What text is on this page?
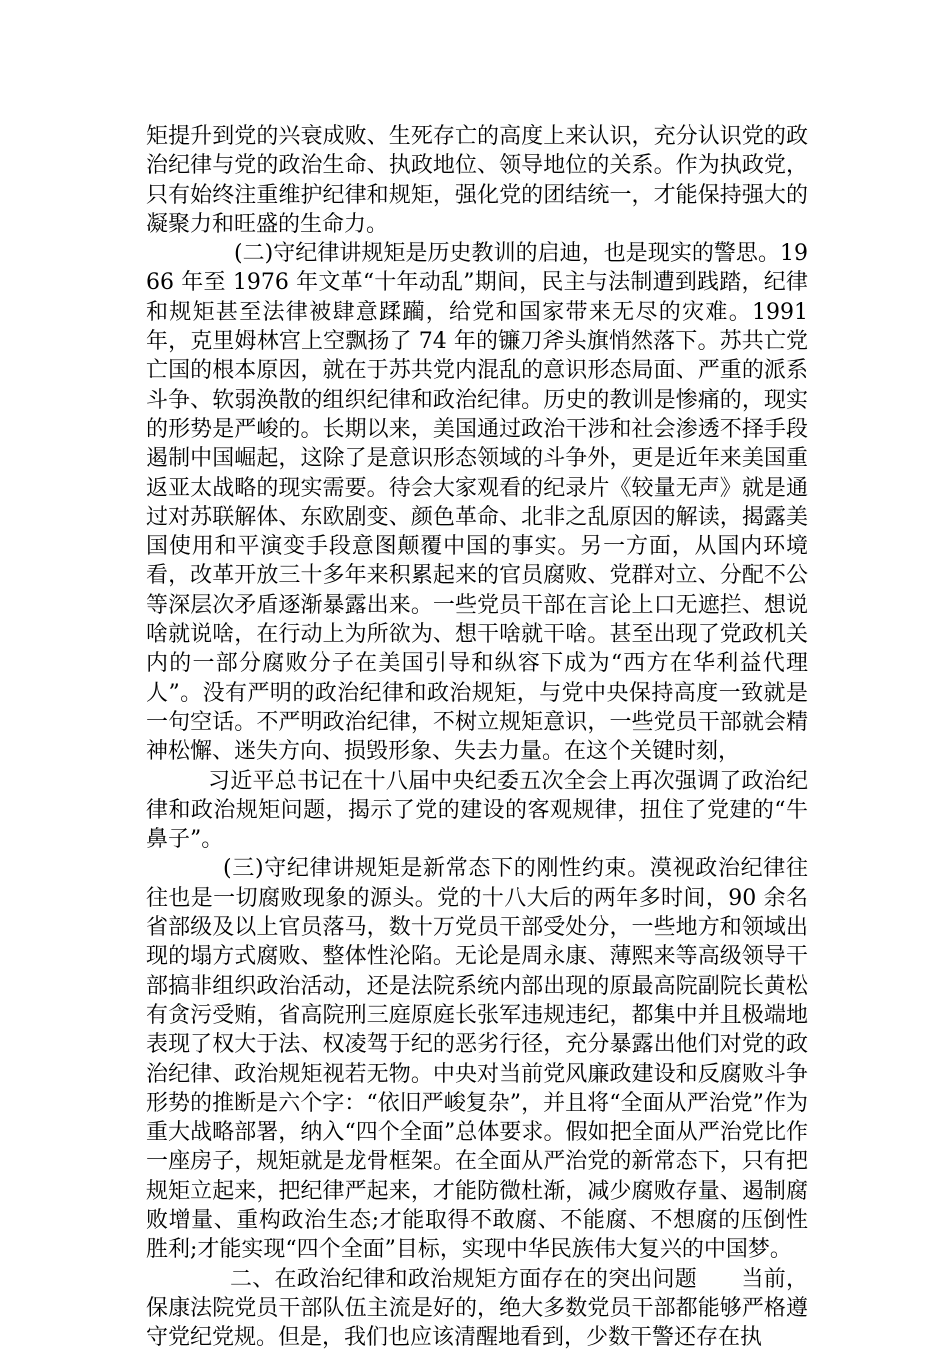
矩提升到党的兴衰成败、生死存亡的高度上来认识，充分认识党的政治纪律与党的政治生命、执政地位、领导地位的关系。作为执政党，只有始终注重维护纪律和规矩，强化党的团结统一，才能保持强大的凝聚力和旺盛的生命力。

(二)守纪律讲规矩是历史教训的启迪，也是现实的警思。1966 年至 1976 年文革“十年动乱”期间，民主与法制遭到践踏，纪律和规矩甚至法律被肆意蹂躏，给党和国家带来无尽的灾难。1991 年，克里姆林宫上空飘扬了 74 年的镰刀斧头旗悄然落下。苏共亡党亡国的根本原因，就在于苏共党内混乱的意识形态局面、严重的派系斗争、软弱涣散的组织纪律和政治纪律。历史的教训是惨痛的，现实的形势是严峻的。长期以来，美国通过政治干涉和社会渗透不择手段遏制中国崛起，这除了是意识形态领域的斗争外，更是近年来美国重返亚太战略的现实需要。待会大家观看的纪录片《较量无声》就是通过对苏联解体、东欧剧变、颜色革命、北非之乱原因的解读，揭露美国使用和平演变手段意图颠覆中国的事实。另一方面，从国内环境看，改革开放三十多年来积累起来的官员腐败、党群对立、分配不公等深层次矛盾逐渐暴露出来。一些党员干部在言论上口无遮拦、想说啥就说啥，在行动上为所欲为、想干啥就干啥。甚至出现了党政机关内的一部分腐败分子在美国引导和纵容下成为“西方在华利益代理人”。没有严明的政治纪律和政治规矩，与党中央保持高度一致就是一句空话。不严明政治纪律，不树立规矩意识，一些党员干部就会精神松懈、迷失方向、损毁形象、失去力量。在这个关键时刻，

习近平总书记在十八届中央纪委五次全会上再次强调了政治纪律和政治规矩问题，揭示了党的建设的客观规律，扭住了党建的“牛鼻子”。

(三)守纪律讲规矩是新常态下的刚性约束。漠视政治纪律往往也是一切腐败现象的源头。党的十八大后的两年多时间，90 余名省部级及以上官员落马，数十万党员干部受处分，一些地方和领域出现的塌方式腐败、整体性沦陷。无论是周永康、薄熙来等高级领导干部搞非组织政治活动，还是法院系统内部出现的原最高院副院长黄松有贪污受贿，省高院刑三庭原庭长张军违规违纪，都集中并且极端地表现了权大于法、权凌驾于纪的恶劣行径，充分暴露出他们对党的政治纪律、政治规矩视若无物。中央对当前党风廉政建设和反腐败斗争形势的推断是六个字：“依旧严峻复杂”，并且将“全面从严治党”作为重大战略部署，纳入“四个全面”总体要求。假如把全面从严治党比作一座房子，规矩就是龙骨框架。在全面从严治党的新常态下，只有把规矩立起来，把纪律严起来，才能防微杜渐，减少腐败存量、遏制腐败增量、重构政治生态;才能取得不敢腐、不能腐、不想腐的压倒性胜利;才能实现“四个全面”目标，实现中华民族伟大复兴的中国梦。

二、在政治纪律和政治规矩方面存在的突出问题　　当前，保康法院党员干部队伍主流是好的，绝大多数党员干部都能够严格遵守党纪党规。但是，我们也应该清醒地看到，少数干警还存在执
